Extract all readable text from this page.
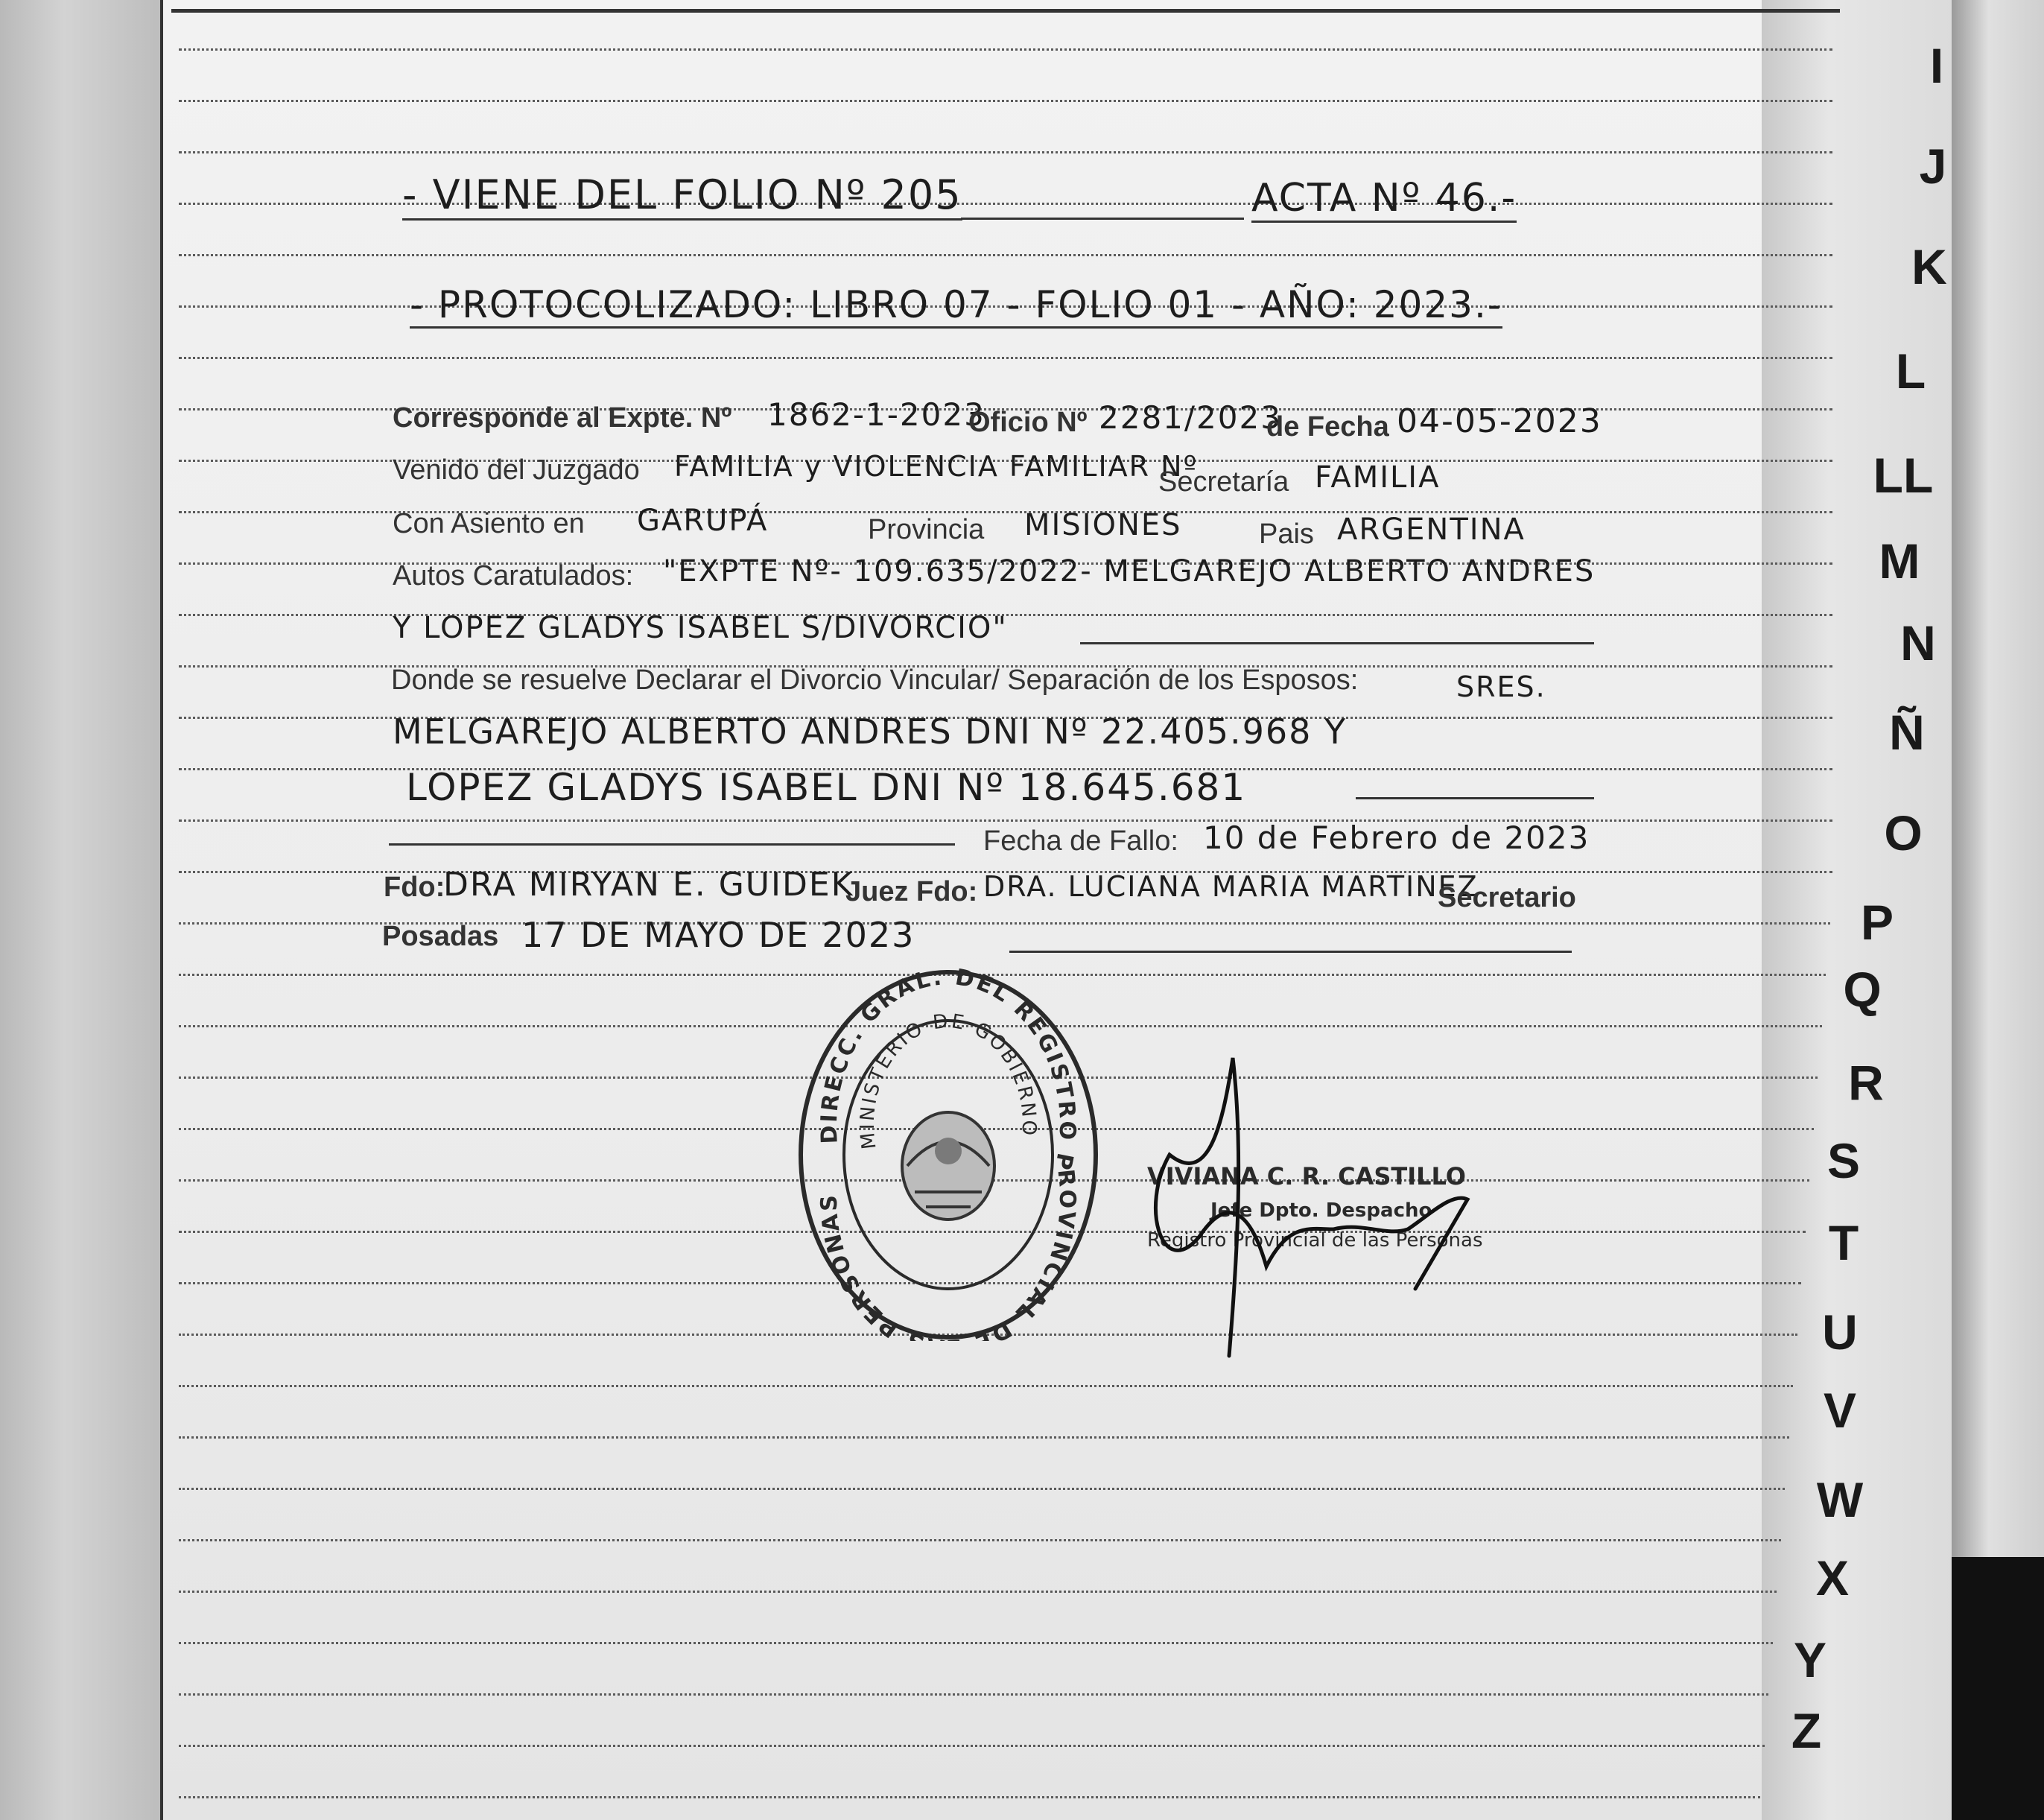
- VIENE DEL FOLIO Nº 205	ACTA Nº 46.-
- PROTOCOLIZADO: LIBRO 07 - FOLIO 01 - AÑO: 2023.-
Corresponde al Expte. Nº 1862-1-2023
Oficio Nº 2281/2023
de Fecha 04-05-2023
Venido del Juzgado FAMILIA y VIOLENCIA FAMILIAR Nº
Secretaría FAMILIA
Con Asiento en GARUPÁ	Provincia MISIONES	Pais ARGENTINA
Autos Caratulados: "EXPTE Nº- 109.635/2022- MELGAREJO ALBERTO ANDRES
Y LOPEZ GLADYS ISABEL S/DIVORCIO"
Donde se resuelve Declarar el Divorcio Vincular/ Separación de los Esposos:	SRES.
MELGAREJO ALBERTO ANDRES DNI Nº 22.405.968 Y
LOPEZ GLADYS ISABEL DNI Nº 18.645.681
Fecha de Fallo: 10 de Febrero de 2023
Fdo:
DRA MIRYAN E. GUIDEK
Juez Fdo: DRA. LUCIANA MARIA MARTINEZ
Secretario
Posadas 17 DE MAYO DE 2023
DIRECC. GRAL. DEL REGISTRO PROVINCIAL DE S PERSONAS
MINISTERIO DE GOBIERNO
VIVIANA C. R. CASTILLO
Jefe Dpto. Despacho
Registro Provincial de las Personas
I
J
K
L
LL
M
N
Ñ
O
P
Q
R
S
T
U
V
W
X
Y
Z
